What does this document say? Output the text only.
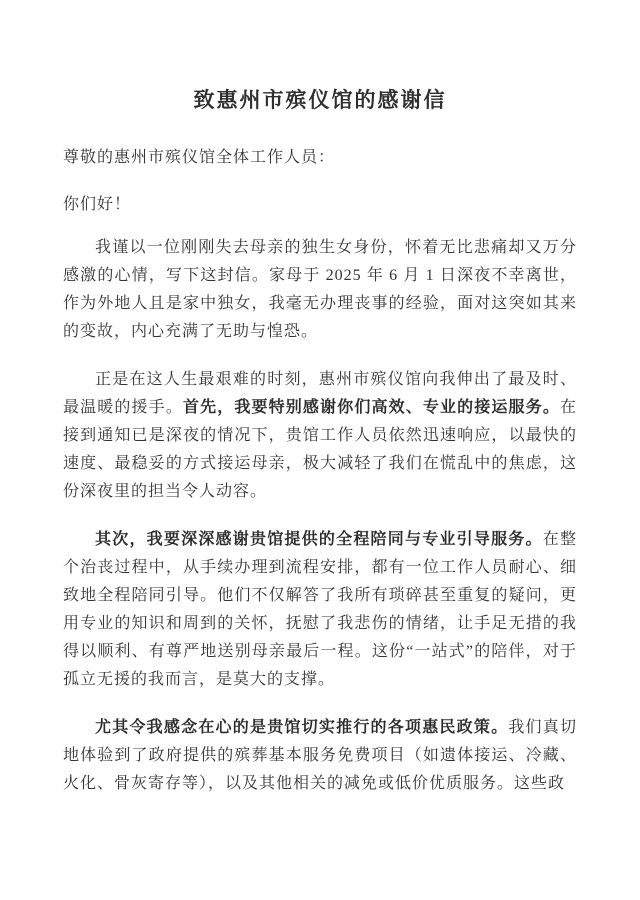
致惠州市殡仪馆的感谢信

尊敬的惠州市殡仪馆全体工作人员：

你们好！

我谨以一位刚刚失去母亲的独生女身份，怀着无比悲痛却又万分感激的心情，写下这封信。家母于 2025 年 6 月 1 日深夜不幸离世，作为外地人且是家中独女，我毫无办理丧事的经验，面对这突如其来的变故，内心充满了无助与惶恐。

正是在这人生最艰难的时刻，惠州市殡仪馆向我伸出了最及时、最温暖的援手。首先，我要特别感谢你们高效、专业的接运服务。在接到通知已是深夜的情况下，贵馆工作人员依然迅速响应，以最快的速度、最稳妥的方式接运母亲，极大减轻了我们在慌乱中的焦虑，这份深夜里的担当令人动容。

其次，我要深深感谢贵馆提供的全程陪同与专业引导服务。在整个治丧过程中，从手续办理到流程安排，都有一位工作人员耐心、细致地全程陪同引导。他们不仅解答了我所有琐碎甚至重复的疑问，更用专业的知识和周到的关怀，抚慰了我悲伤的情绪，让手足无措的我得以顺利、有尊严地送别母亲最后一程。这份“一站式”的陪伴，对于孤立无援的我而言，是莫大的支撑。

尤其令我感念在心的是贵馆切实推行的各项惠民政策。我们真切地体验到了政府提供的殡葬基本服务免费项目（如遗体接运、冷藏、火化、骨灰寄存等），以及其他相关的减免或低价优质服务。这些政
